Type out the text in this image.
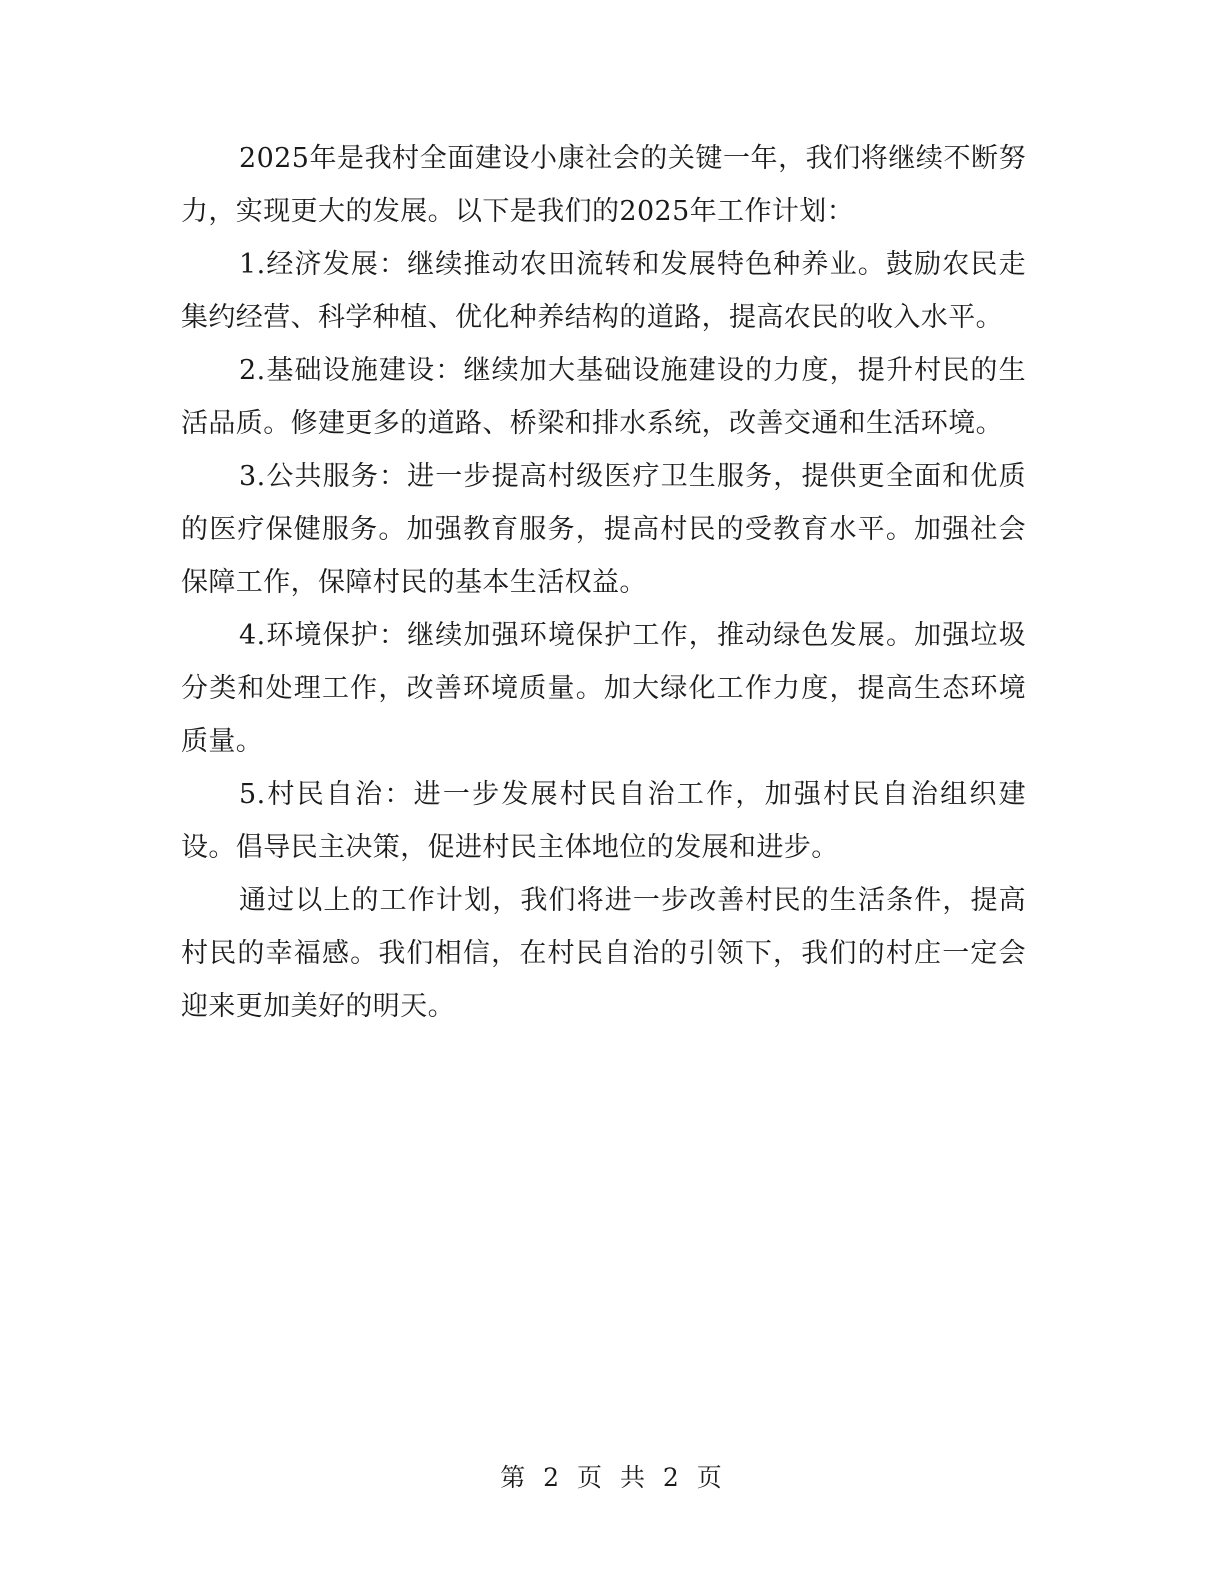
2025年是我村全面建设小康社会的关键一年，我们将继续不断努力，实现更大的发展。以下是我们的2025年工作计划：

1.经济发展：继续推动农田流转和发展特色种养业。鼓励农民走集约经营、科学种植、优化种养结构的道路，提高农民的收入水平。

2.基础设施建设：继续加大基础设施建设的力度，提升村民的生活品质。修建更多的道路、桥梁和排水系统，改善交通和生活环境。

3.公共服务：进一步提高村级医疗卫生服务，提供更全面和优质的医疗保健服务。加强教育服务，提高村民的受教育水平。加强社会保障工作，保障村民的基本生活权益。

4.环境保护：继续加强环境保护工作，推动绿色发展。加强垃圾分类和处理工作，改善环境质量。加大绿化工作力度，提高生态环境质量。

5.村民自治：进一步发展村民自治工作，加强村民自治组织建设。倡导民主决策，促进村民主体地位的发展和进步。

通过以上的工作计划，我们将进一步改善村民的生活条件，提高村民的幸福感。我们相信，在村民自治的引领下，我们的村庄一定会迎来更加美好的明天。

第 2 页 共 2 页
